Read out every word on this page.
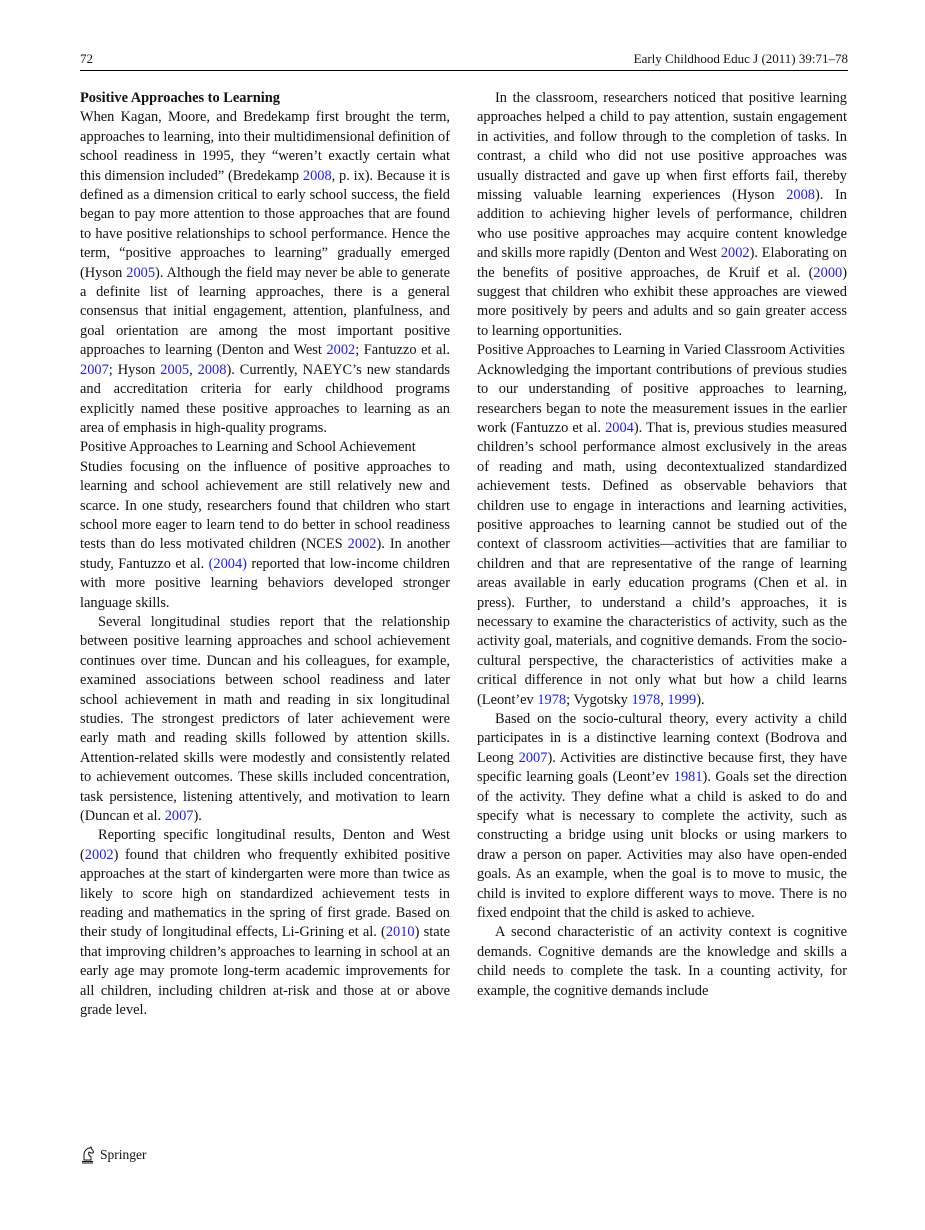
72	Early Childhood Educ J (2011) 39:71–78

Positive Approaches to Learning

When Kagan, Moore, and Bredekamp first brought the term, approaches to learning, into their multidimensional definition of school readiness in 1995, they “weren’t exactly certain what this dimension included” (Bredekamp 2008, p. ix). Because it is defined as a dimension critical to early school success, the field began to pay more attention to those approaches that are found to have positive relationships to school performance. Hence the term, “positive approaches to learning” gradually emerged (Hyson 2005). Although the field may never be able to generate a definite list of learning approaches, there is a general consensus that initial engagement, attention, planfulness, and goal orientation are among the most important positive approaches to learning (Denton and West 2002; Fantuzzo et al. 2007; Hyson 2005, 2008). Currently, NAEYC’s new standards and accreditation criteria for early childhood programs explicitly named these positive approaches to learning as an area of emphasis in high-quality programs.

Positive Approaches to Learning and School Achievement

Studies focusing on the influence of positive approaches to learning and school achievement are still relatively new and scarce. In one study, researchers found that children who start school more eager to learn tend to do better in school readiness tests than do less motivated children (NCES 2002). In another study, Fantuzzo et al. (2004) reported that low-income children with more positive learning behaviors developed stronger language skills.

Several longitudinal studies report that the relationship between positive learning approaches and school achievement continues over time. Duncan and his colleagues, for example, examined associations between school readiness and later school achievement in math and reading in six longitudinal studies. The strongest predictors of later achievement were early math and reading skills followed by attention skills. Attention-related skills were modestly and consistently related to achievement outcomes. These skills included concentration, task persistence, listening attentively, and motivation to learn (Duncan et al. 2007).

Reporting specific longitudinal results, Denton and West (2002) found that children who frequently exhibited positive approaches at the start of kindergarten were more than twice as likely to score high on standardized achievement tests in reading and mathematics in the spring of first grade. Based on their study of longitudinal effects, Li-Grining et al. (2010) state that improving children’s approaches to learning in school at an early age may promote long-term academic improvements for all children, including children at-risk and those at or above grade level.

In the classroom, researchers noticed that positive learning approaches helped a child to pay attention, sustain engagement in activities, and follow through to the completion of tasks. In contrast, a child who did not use positive approaches was usually distracted and gave up when first efforts fail, thereby missing valuable learning experiences (Hyson 2008). In addition to achieving higher levels of performance, children who use positive approaches may acquire content knowledge and skills more rapidly (Denton and West 2002). Elaborating on the benefits of positive approaches, de Kruif et al. (2000) suggest that children who exhibit these approaches are viewed more positively by peers and adults and so gain greater access to learning opportunities.

Positive Approaches to Learning in Varied Classroom Activities

Acknowledging the important contributions of previous studies to our understanding of positive approaches to learning, researchers began to note the measurement issues in the earlier work (Fantuzzo et al. 2004). That is, previous studies measured children’s school performance almost exclusively in the areas of reading and math, using decontextualized standardized achievement tests. Defined as observable behaviors that children use to engage in interactions and learning activities, positive approaches to learning cannot be studied out of the context of classroom activities—activities that are familiar to children and that are representative of the range of learning areas available in early education programs (Chen et al. in press). Further, to understand a child’s approaches, it is necessary to examine the characteristics of activity, such as the activity goal, materials, and cognitive demands. From the socio-cultural perspective, the characteristics of activities make a critical difference in not only what but how a child learns (Leont’ev 1978; Vygotsky 1978, 1999).

Based on the socio-cultural theory, every activity a child participates in is a distinctive learning context (Bodrova and Leong 2007). Activities are distinctive because first, they have specific learning goals (Leont’ev 1981). Goals set the direction of the activity. They define what a child is asked to do and specify what is necessary to complete the activity, such as constructing a bridge using unit blocks or using markers to draw a person on paper. Activities may also have open-ended goals. As an example, when the goal is to move to music, the child is invited to explore different ways to move. There is no fixed endpoint that the child is asked to achieve.

A second characteristic of an activity context is cognitive demands. Cognitive demands are the knowledge and skills a child needs to complete the task. In a counting activity, for example, the cognitive demands include

Springer
